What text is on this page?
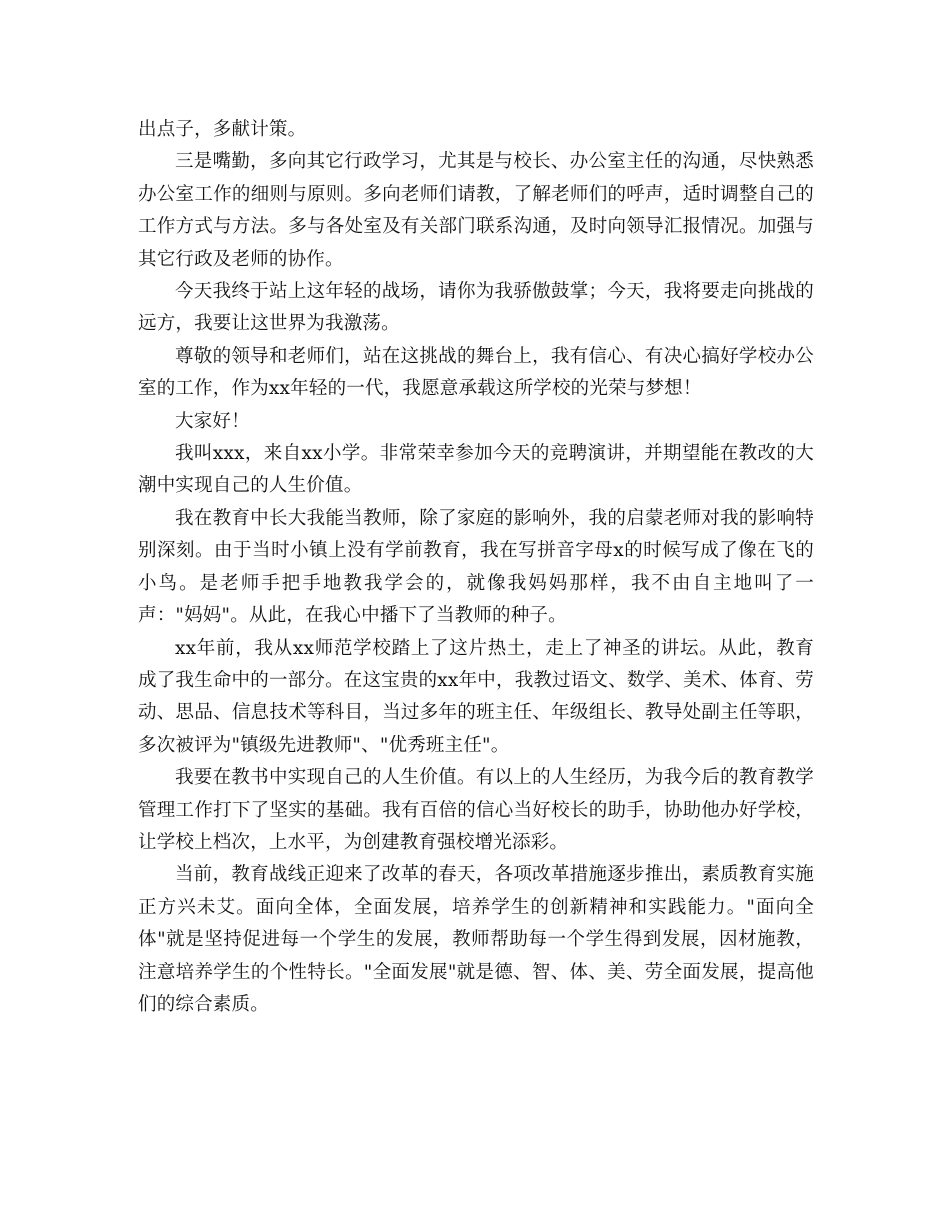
出点子，多献计策。

三是嘴勤，多向其它行政学习，尤其是与校长、办公室主任的沟通，尽快熟悉办公室工作的细则与原则。多向老师们请教，了解老师们的呼声，适时调整自己的工作方式与方法。多与各处室及有关部门联系沟通，及时向领导汇报情况。加强与其它行政及老师的协作。

今天我终于站上这年轻的战场，请你为我骄傲鼓掌；今天，我将要走向挑战的远方，我要让这世界为我激荡。

尊敬的领导和老师们，站在这挑战的舞台上，我有信心、有决心搞好学校办公室的工作，作为xx年轻的一代，我愿意承载这所学校的光荣与梦想！

大家好！

我叫xxx，来自xx小学。非常荣幸参加今天的竞聘演讲，并期望能在教改的大潮中实现自己的人生价值。

我在教育中长大我能当教师，除了家庭的影响外，我的启蒙老师对我的影响特别深刻。由于当时小镇上没有学前教育，我在写拼音字母x的时候写成了像在飞的小鸟。是老师手把手地教我学会的，就像我妈妈那样，我不由自主地叫了一声："妈妈"。从此，在我心中播下了当教师的种子。

xx年前，我从xx师范学校踏上了这片热土，走上了神圣的讲坛。从此，教育成了我生命中的一部分。在这宝贵的xx年中，我教过语文、数学、美术、体育、劳动、思品、信息技术等科目，当过多年的班主任、年级组长、教导处副主任等职，多次被评为"镇级先进教师"、"优秀班主任"。

我要在教书中实现自己的人生价值。有以上的人生经历，为我今后的教育教学管理工作打下了坚实的基础。我有百倍的信心当好校长的助手，协助他办好学校，让学校上档次，上水平，为创建教育强校增光添彩。

当前，教育战线正迎来了改革的春天，各项改革措施逐步推出，素质教育实施正方兴未艾。面向全体，全面发展，培养学生的创新精神和实践能力。"面向全体"就是坚持促进每一个学生的发展，教师帮助每一个学生得到发展，因材施教，注意培养学生的个性特长。"全面发展"就是德、智、体、美、劳全面发展，提高他们的综合素质。
